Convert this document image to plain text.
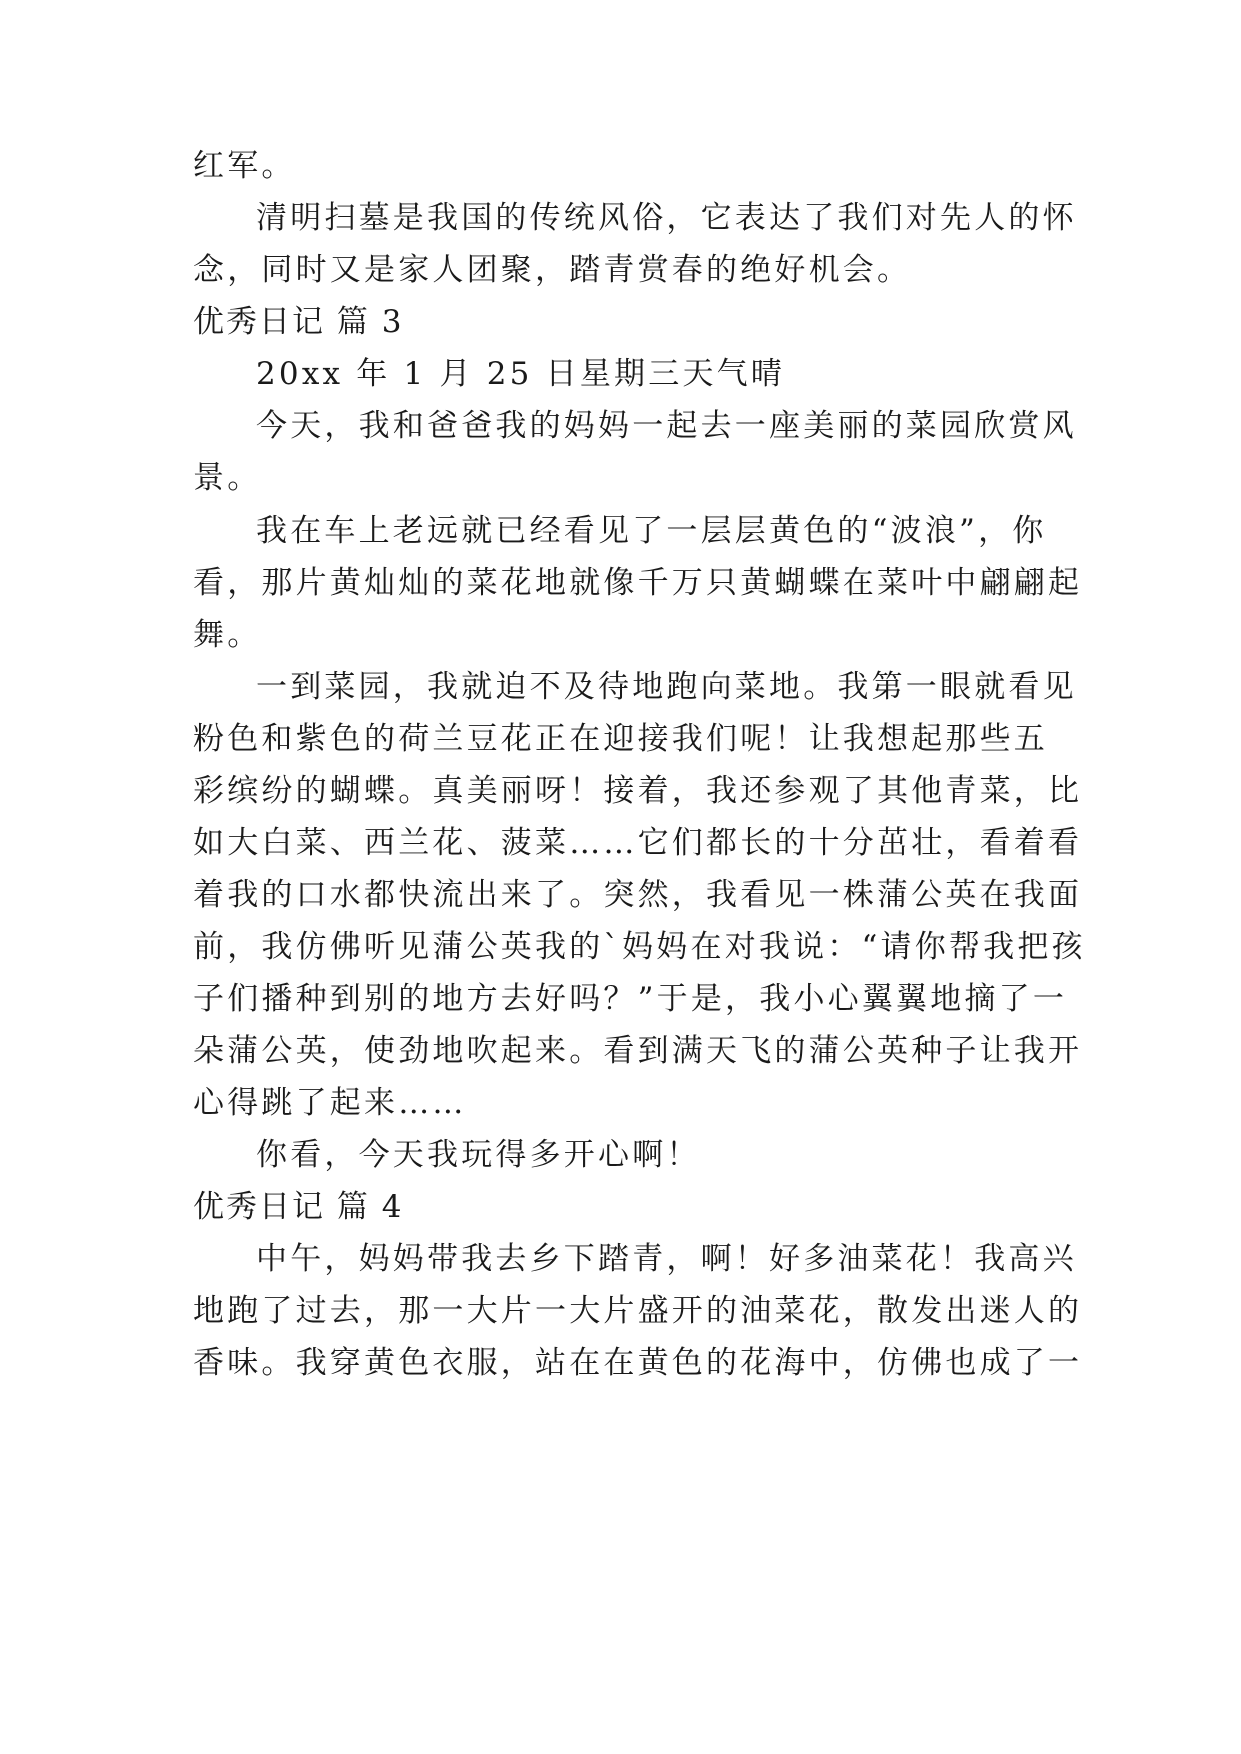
红军。
清明扫墓是我国的传统风俗，它表达了我们对先人的怀
念，同时又是家人团聚，踏青赏春的绝好机会。
优秀日记 篇 3
20xx 年 1 月 25 日星期三天气晴
今天，我和爸爸我的妈妈一起去一座美丽的菜园欣赏风
景。
我在车上老远就已经看见了一层层黄色的“波浪”，你
看，那片黄灿灿的菜花地就像千万只黄蝴蝶在菜叶中翩翩起
舞。
一到菜园，我就迫不及待地跑向菜地。我第一眼就看见
粉色和紫色的荷兰豆花正在迎接我们呢！让我想起那些五
彩缤纷的蝴蝶。真美丽呀！接着，我还参观了其他青菜，比
如大白菜、西兰花、菠菜……它们都长的十分茁壮，看着看
着我的口水都快流出来了。突然，我看见一株蒲公英在我面
前，我仿佛听见蒲公英我的`妈妈在对我说：“请你帮我把孩
子们播种到别的地方去好吗？”于是，我小心翼翼地摘了一
朵蒲公英，使劲地吹起来。看到满天飞的蒲公英种子让我开
心得跳了起来……
你看，今天我玩得多开心啊！
优秀日记 篇 4
中午，妈妈带我去乡下踏青，啊！好多油菜花！我高兴
地跑了过去，那一大片一大片盛开的油菜花，散发出迷人的
香味。我穿黄色衣服，站在在黄色的花海中，仿佛也成了一
